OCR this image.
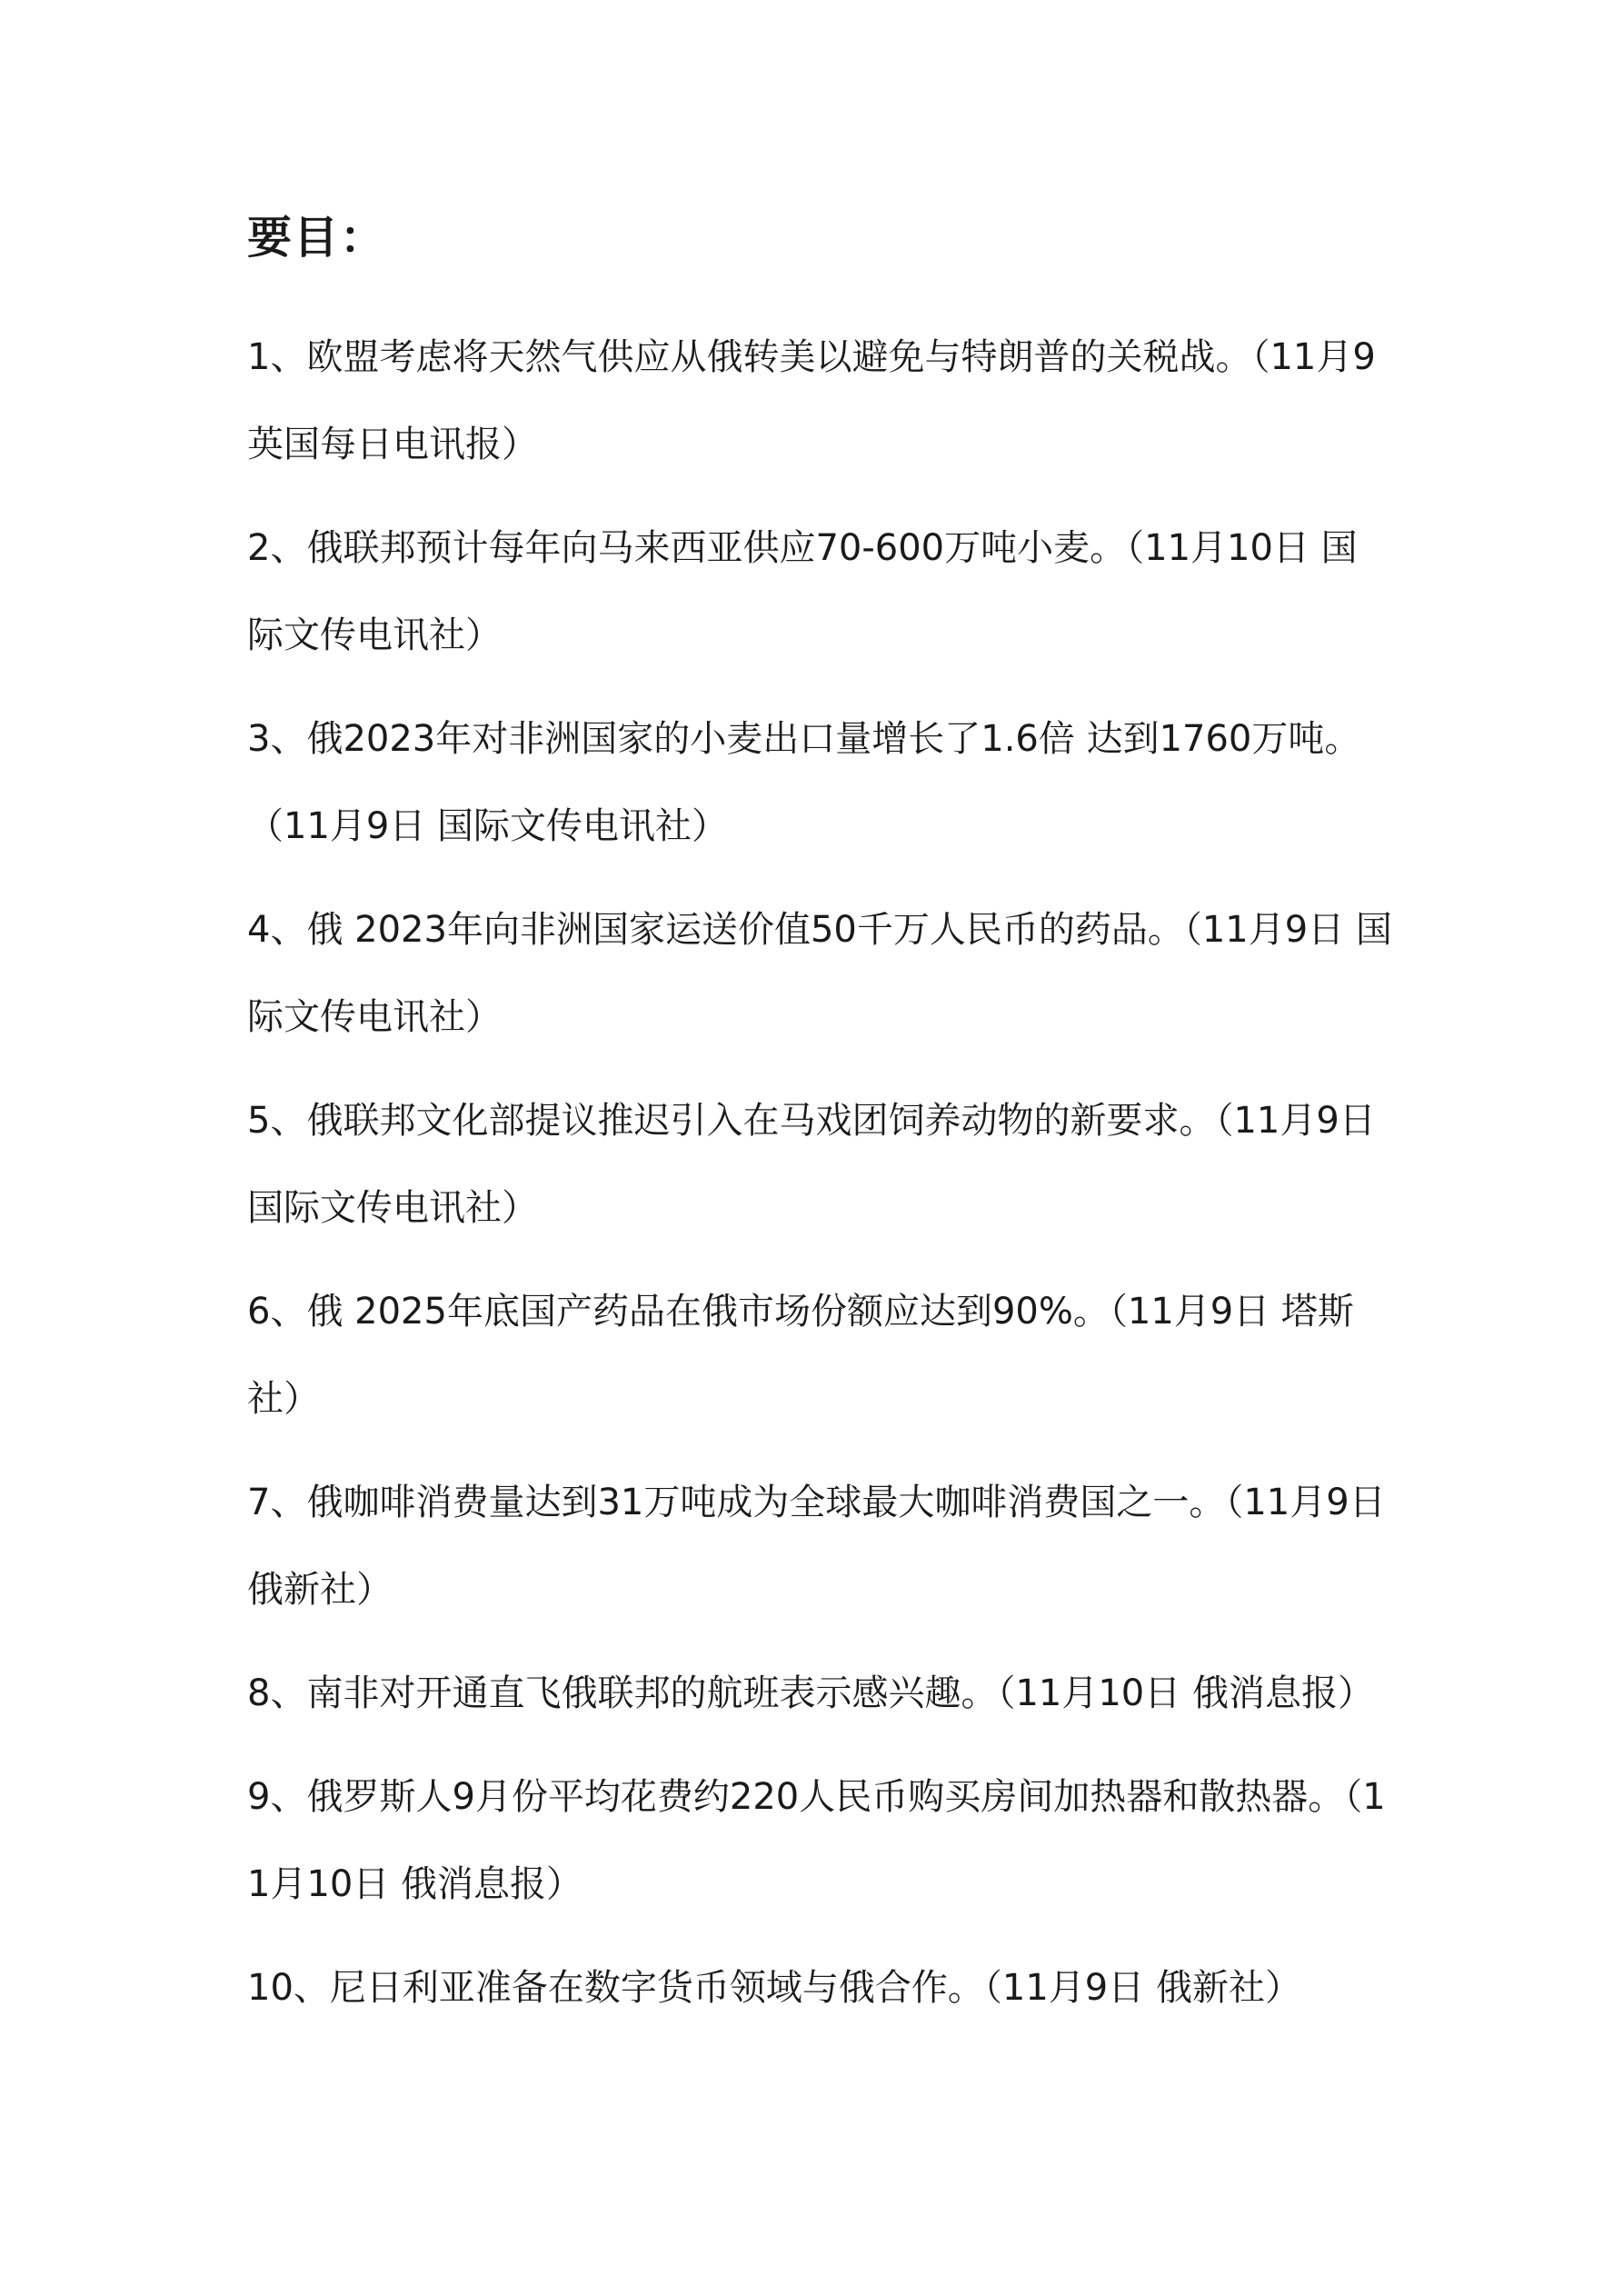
要目：
1、欧盟考虑将天然气供应从俄转美以避免与特朗普的关税战。（11月9 英国每日电讯报）
2、俄联邦预计每年向马来西亚供应70-600万吨小麦。（11月10日 国际文传电讯社）
3、俄2023年对非洲国家的小麦出口量增长了1.6倍 达到1760万吨。（11月9日 国际文传电讯社）
4、俄 2023年向非洲国家运送价值50千万人民币的药品。（11月9日 国际文传电讯社）
5、俄联邦文化部提议推迟引入在马戏团饲养动物的新要求。（11月9日 国际文传电讯社）
6、俄 2025年底国产药品在俄市场份额应达到90%。（11月9日 塔斯社）
7、俄咖啡消费量达到31万吨成为全球最大咖啡消费国之一。（11月9日 俄新社）
8、南非对开通直飞俄联邦的航班表示感兴趣。（11月10日 俄消息报）
9、俄罗斯人9月份平均花费约220人民币购买房间加热器和散热器。（11月10日 俄消息报）
10、尼日利亚准备在数字货币领域与俄合作。（11月9日 俄新社）
